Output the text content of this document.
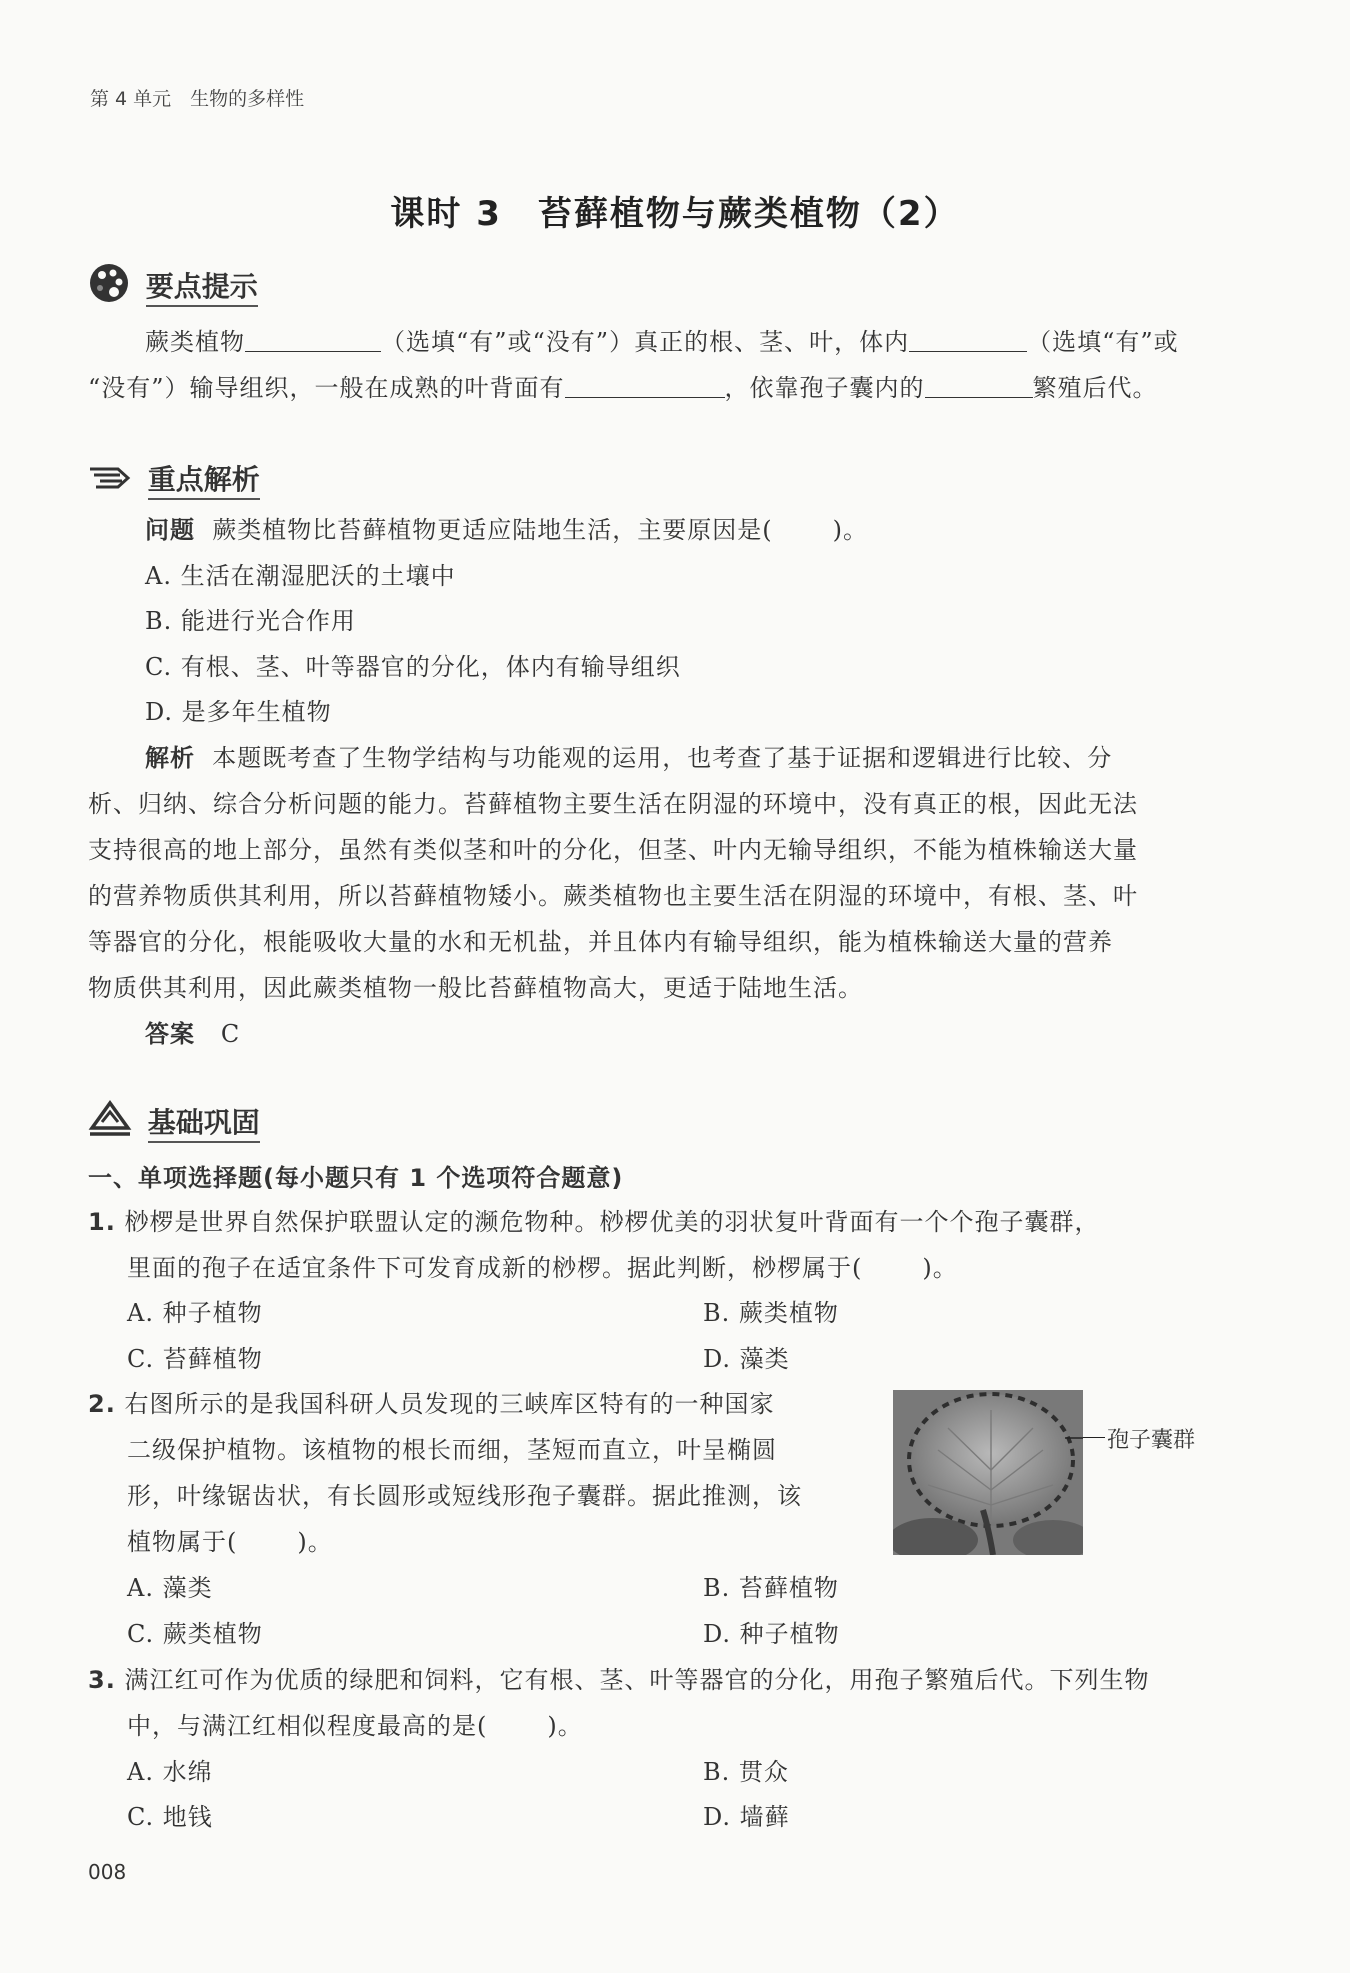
第 4 单元　生物的多样性
课时 3　苔藓植物与蕨类植物（2）
要点提示
蕨类植物	（选填“有”或“没有”）真正的根、茎、叶，体内	（选填“有”或
“没有”）输导组织，一般在成熟的叶背面有	，依靠孢子囊内的	繁殖后代。
重点解析
问题 蕨类植物比苔藓植物更适应陆地生活，主要原因是(	)。
A. 生活在潮湿肥沃的土壤中
B. 能进行光合作用
C. 有根、茎、叶等器官的分化，体内有输导组织
D. 是多年生植物
解析 本题既考查了生物学结构与功能观的运用，也考查了基于证据和逻辑进行比较、分
析、归纳、综合分析问题的能力。苔藓植物主要生活在阴湿的环境中，没有真正的根，因此无法
支持很高的地上部分，虽然有类似茎和叶的分化，但茎、叶内无输导组织，不能为植株输送大量
的营养物质供其利用，所以苔藓植物矮小。蕨类植物也主要生活在阴湿的环境中，有根、茎、叶
等器官的分化，根能吸收大量的水和无机盐，并且体内有输导组织，能为植株输送大量的营养
物质供其利用，因此蕨类植物一般比苔藓植物高大，更适于陆地生活。
答案 C
基础巩固
一、单项选择题(每小题只有 1 个选项符合题意)
1. 桫椤是世界自然保护联盟认定的濒危物种。桫椤优美的羽状复叶背面有一个个孢子囊群，
里面的孢子在适宜条件下可发育成新的桫椤。据此判断，桫椤属于(	)。
A. 种子植物	B. 蕨类植物
C. 苔藓植物	D. 藻类
2. 右图所示的是我国科研人员发现的三峡库区特有的一种国家
二级保护植物。该植物的根长而细，茎短而直立，叶呈椭圆
形，叶缘锯齿状，有长圆形或短线形孢子囊群。据此推测，该
植物属于(	)。
孢子囊群
A. 藻类	B. 苔藓植物
C. 蕨类植物	D. 种子植物
3. 满江红可作为优质的绿肥和饲料，它有根、茎、叶等器官的分化，用孢子繁殖后代。下列生物
中，与满江红相似程度最高的是(	)。
A. 水绵	B. 贯众
C. 地钱	D. 墙藓
008
